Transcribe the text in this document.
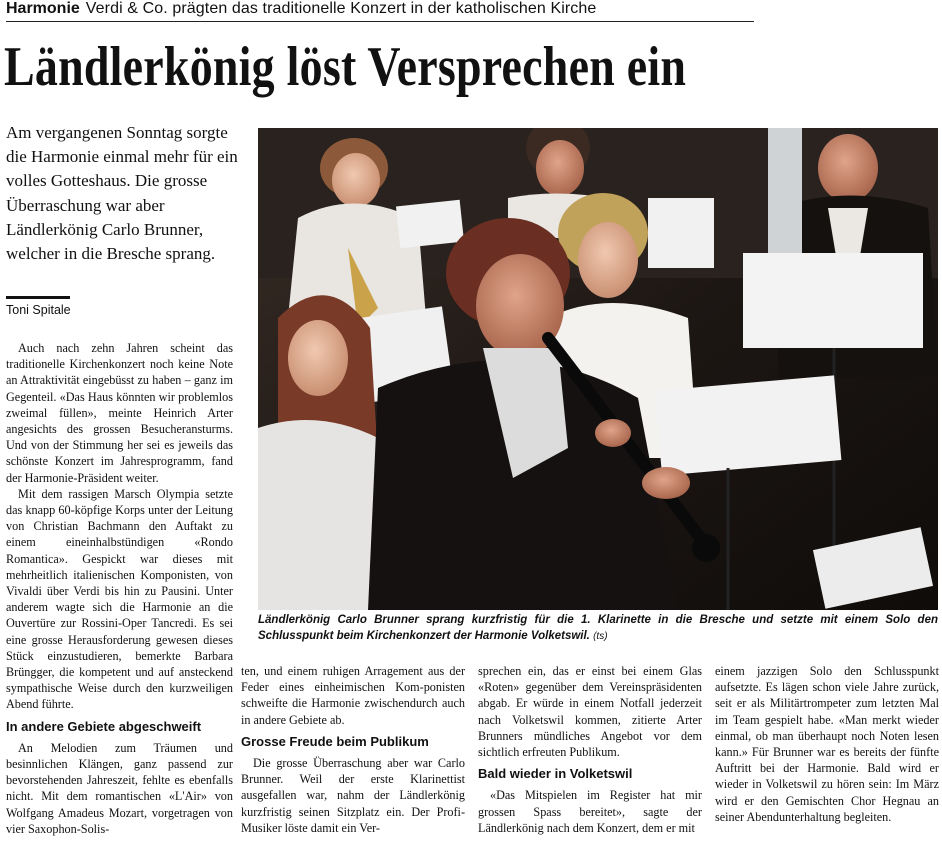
Harmonie Verdi & Co. prägten das traditionelle Konzert in der katholischen Kirche
Ländlerkönig löst Versprechen ein

Am vergangenen Sonntag sorgte die Harmonie einmal mehr für ein volles Gotteshaus. Die grosse Überraschung war aber Ländlerkönig Carlo Brunner, welcher in die Bresche sprang.

Toni Spitale

Auch nach zehn Jahren scheint das traditionelle Kirchenkonzert noch keine Note an Attraktivität eingebüsst zu haben – ganz im Gegenteil. «Das Haus könnten wir problemlos zweimal füllen», meinte Heinrich Arter angesichts des grossen Besucheransturms. Und von der Stimmung her sei es jeweils das schönste Konzert im Jahresprogramm, fand der Harmonie-Präsident weiter.

Mit dem rassigen Marsch Olympia setzte das knapp 60-köpfige Korps unter der Leitung von Christian Bachmann den Auftakt zu einem eineinhalbstündigen «Rondo Romantica». Gespickt war dieses mit mehrheitlich italienischen Komponisten, von Vivaldi über Verdi bis hin zu Pausini. Unter anderem wagte sich die Harmonie an die Ouvertüre zur Rossini-Oper Tancredi. Es sei eine grosse Herausforderung gewesen dieses Stück einzustudieren, bemerkte Barbara Brüngger, die kompetent und auf ansteckend sympathische Weise durch den kurzweiligen Abend führte.

In andere Gebiete abgeschweift

An Melodien zum Träumen und besinnlichen Klängen, ganz passend zur bevorstehenden Jahreszeit, fehlte es ebenfalls nicht. Mit dem romantischen «L'Air» von Wolfgang Amadeus Mozart, vorgetragen von vier Saxophon-Solis-

ten, und einem ruhigen Arragement aus der Feder eines einheimischen Kom-ponisten schweifte die Harmonie zwischendurch auch in andere Gebiete ab.

Grosse Freude beim Publikum

Die grosse Überraschung aber war Carlo Brunner. Weil der erste Klarinettist ausgefallen war, nahm der Ländlerkönig kurzfristig seinen Sitzplatz ein. Der Profi-Musiker löste damit ein Ver-

sprechen ein, das er einst bei einem Glas «Roten» gegenüber dem Vereinspräsidenten abgab. Er würde in einem Notfall jederzeit nach Volketswil kommen, zitierte Arter Brunners mündliches Angebot vor dem sichtlich erfreuten Publikum.

Bald wieder in Volketswil

«Das Mitspielen im Register hat mir grossen Spass bereitet», sagte der Ländlerkönig nach dem Konzert, dem er mit

einem jazzigen Solo den Schlusspunkt aufsetzte. Es lägen schon viele Jahre zurück, seit er als Militärtrompeter zum letzten Mal im Team gespielt habe. «Man merkt wieder einmal, ob man überhaupt noch Noten lesen kann.» Für Brunner war es bereits der fünfte Auftritt bei der Harmonie. Bald wird er wieder in Volketswil zu hören sein: Im März wird er den Gemischten Chor Hegnau an seiner Abendunterhaltung begleiten.

Ländlerkönig Carlo Brunner sprang kurzfristig für die 1. Klarinette in die Bresche und setzte mit einem Solo den Schlusspunkt beim Kirchenkonzert der Harmonie Volketswil. (ts)
